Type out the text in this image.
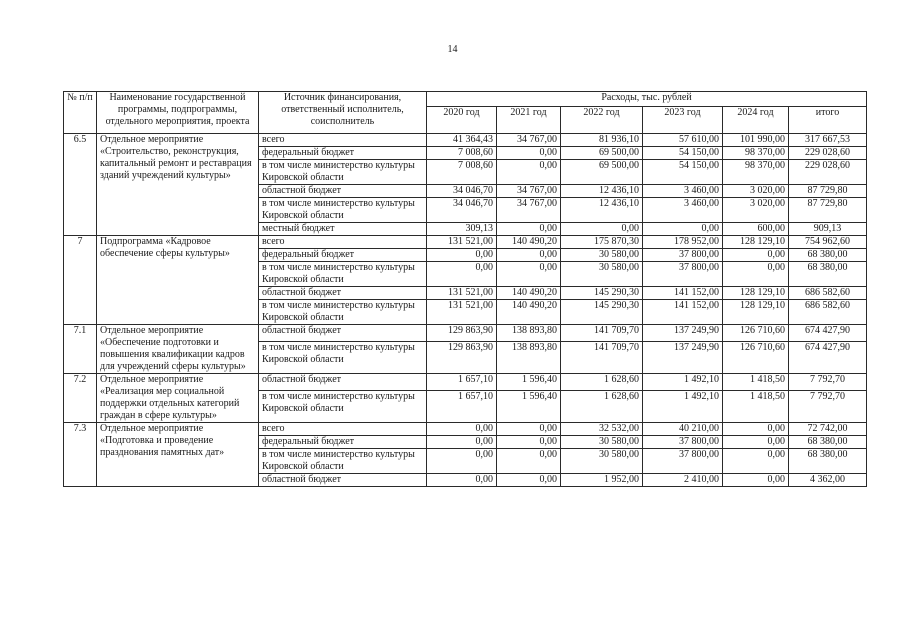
14
№ п/п	Наименование государственной программы, подпрограммы, отдельного мероприятия, проекта	Источник финансирования, ответственный исполнитель, соисполнитель	Расходы, тыс. рублей					
			2020 год	2021 год	2022 год	2023 год	2024 год	итого
6.5	Отдельное мероприятие «Строительство, реконструкция, капитальный ремонт и реставрация зданий учреждений культуры»	всего	41 364,43	34 767,00	81 936,10	57 610,00	101 990,00	317 667,53
		федеральный бюджет	7 008,60	0,00	69 500,00	54 150,00	98 370,00	229 028,60
		в том числе министерство культуры Кировской области	7 008,60	0,00	69 500,00	54 150,00	98 370,00	229 028,60
		областной бюджет	34 046,70	34 767,00	12 436,10	3 460,00	3 020,00	87 729,80
		в том числе министерство культуры Кировской области	34 046,70	34 767,00	12 436,10	3 460,00	3 020,00	87 729,80
		местный бюджет	309,13	0,00	0,00	0,00	600,00	909,13
7	Подпрограмма «Кадровое обеспечение сферы культуры»	всего	131 521,00	140 490,20	175 870,30	178 952,00	128 129,10	754 962,60
		федеральный бюджет	0,00	0,00	30 580,00	37 800,00	0,00	68 380,00
		в том числе министерство культуры Кировской области	0,00	0,00	30 580,00	37 800,00	0,00	68 380,00
		областной бюджет	131 521,00	140 490,20	145 290,30	141 152,00	128 129,10	686 582,60
		в том числе министерство культуры Кировской области	131 521,00	140 490,20	145 290,30	141 152,00	128 129,10	686 582,60
7.1	Отдельное мероприятие «Обеспечение подготовки и повышения квалификации кадров для учреждений сферы культуры»	областной бюджет	129 863,90	138 893,80	141 709,70	137 249,90	126 710,60	674 427,90
		в том числе министерство культуры Кировской области	129 863,90	138 893,80	141 709,70	137 249,90	126 710,60	674 427,90
7.2	Отдельное мероприятие «Реализация мер социальной поддержки отдельных категорий граждан в сфере культуры»	областной бюджет	1 657,10	1 596,40	1 628,60	1 492,10	1 418,50	7 792,70
		в том числе министерство культуры Кировской области	1 657,10	1 596,40	1 628,60	1 492,10	1 418,50	7 792,70
7.3	Отдельное мероприятие «Подготовка и проведение празднования памятных дат»	всего	0,00	0,00	32 532,00	40 210,00	0,00	72 742,00
		федеральный бюджет	0,00	0,00	30 580,00	37 800,00	0,00	68 380,00
		в том числе министерство культуры Кировской области	0,00	0,00	30 580,00	37 800,00	0,00	68 380,00
		областной бюджет	0,00	0,00	1 952,00	2 410,00	0,00	4 362,00
